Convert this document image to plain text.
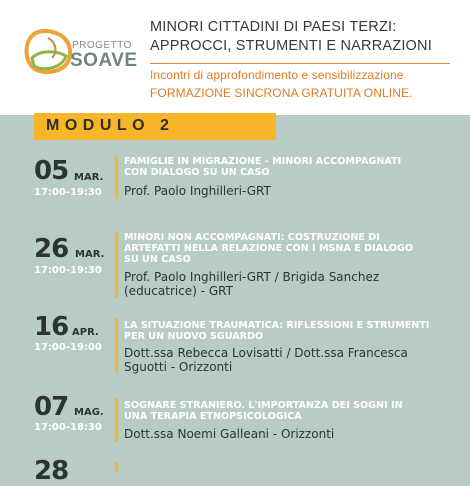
PROGETTO
SOAVE
MINORI CITTADINI DI PAESI TERZI:
APPROCCI, STRUMENTI E NARRAZIONI
Incontri di approfondimento e sensibilizzazione
FORMAZIONE SINCRONA GRATUITA ONLINE.
MODULO 2
05 MAR.
17:00-19:30
FAMIGLIE IN MIGRAZIONE - MINORI ACCOMPAGNATI
CON DIALOGO SU UN CASO
Prof. Paolo Inghilleri-GRT
26 MAR.
17:00-19:30
MINORI NON ACCOMPAGNATI: COSTRUZIONE DI
ARTEFATTI NELLA RELAZIONE CON I MSNA E DIALOGO
SU UN CASO
Prof. Paolo Inghilleri-GRT / Brigida Sanchez
(educatrice) - GRT
16 APR.
17:00-19:00
LA SITUAZIONE TRAUMATICA: RIFLESSIONI E STRUMENTI
PER UN NUOVO SGUARDO
Dott.ssa Rebecca Lovisatti / Dott.ssa Francesca
Sguotti - Orizzonti
07 MAG.
17:00-18:30
SOGNARE STRANIERO. L'IMPORTANZA DEI SOGNI IN
UNA TERAPIA ETNOPSICOLOGICA
Dott.ssa Noemi Galleani - Orizzonti
28
